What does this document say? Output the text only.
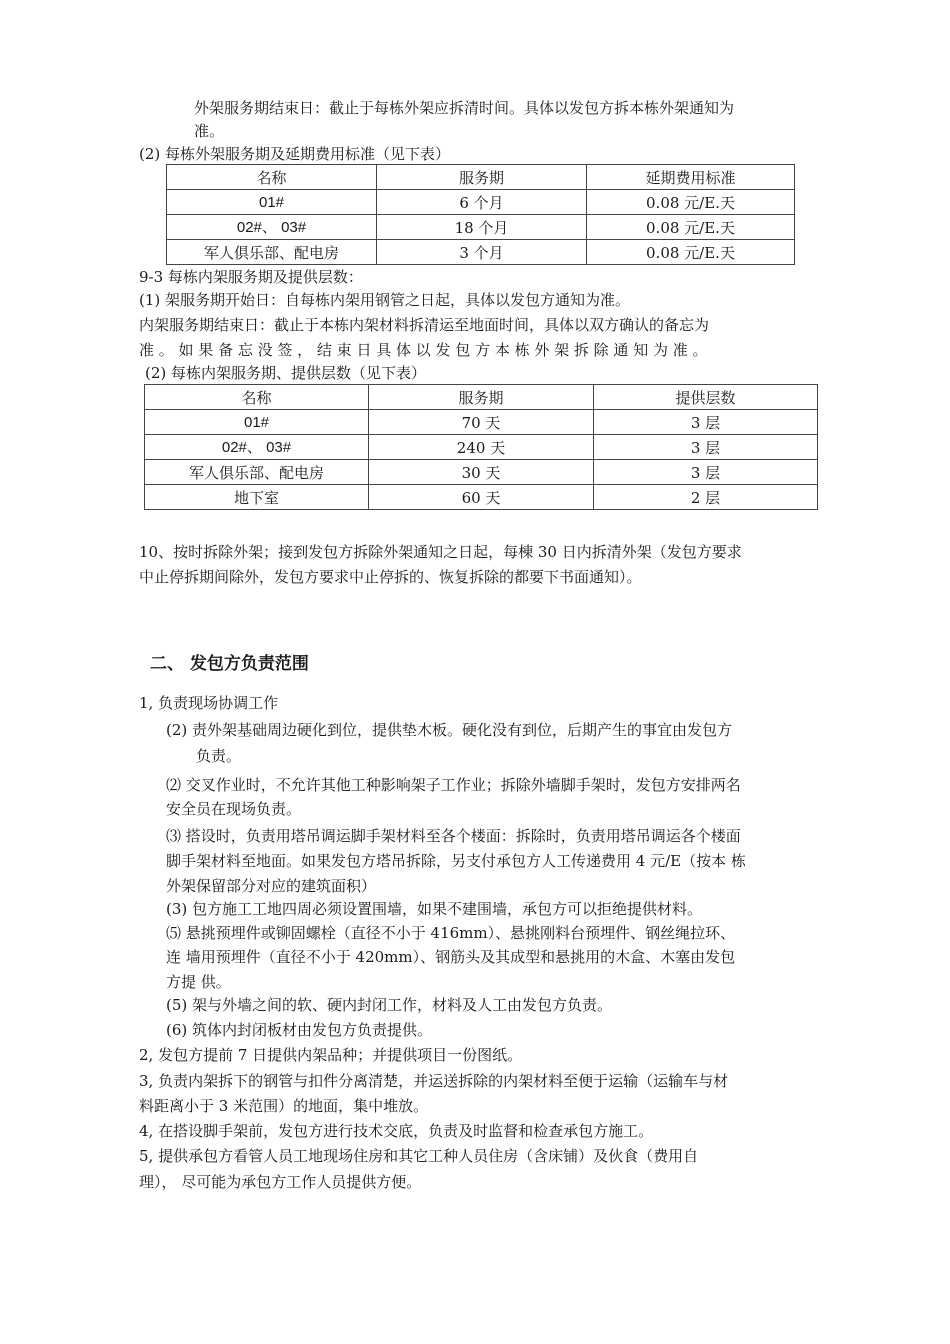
外架服务期结束日：截止于每栋外架应拆清时间。具体以发包方拆本栋外架通知为
准。
(2) 每栋外架服务期及延期费用标准（见下表）
名称	服务期	延期费用标准
01#	6 个月	0.08 元/E.天
02#、 03#	18 个月	0.08 元/E.天
军人俱乐部、配电房	3 个月	0.08 元/E.天
9-3 每栋内架服务期及提供层数：
(1) 架服务期开始日：自每栋内架用钢管之日起，具体以发包方通知为准。
内架服务期结束日：截止于本栋内架材料拆清运至地面时间，具体以双方确认的备忘为
准 。 如 果 备 忘 没 签 ， 结 束 日 具 体 以 发 包 方 本 栋 外 架 拆 除 通 知 为 准 。
(2) 每栋内架服务期、提供层数（见下表）
名称	服务期	提供层数
01#	70 天	3 层
02#、 03#	240 天	3 层
军人俱乐部、配电房	30 天	3 层
地下室	60 天	2 层
10、按时拆除外架；接到发包方拆除外架通知之日起，每棟 30 日内拆清外架（发包方要求
中止停拆期间除外，发包方要求中止停拆的、恢复拆除的都要下书面通知）。
二、 发包方负责范围
1, 负责现场协调工作
(2) 责外架基础周边硬化到位，提供垫木板。硬化没有到位，后期产生的事宜由发包方
负责。
⑵ 交叉作业时，不允许其他工种影响架子工作业；拆除外墙脚手架时，发包方安排两名
安全员在现场负责。
⑶ 搭设时，负责用塔吊调运脚手架材料至各个楼面：拆除时，负责用塔吊调运各个楼面
脚手架材料至地面。如果发包方塔吊拆除，另支付承包方人工传递费用 4 元/E（按本 栋
外架保留部分对应的建筑面积）
(3) 包方施工工地四周必须设置围墙，如果不建围墙，承包方可以拒绝提供材料。
⑸ 悬挑预埋件或铆固螺栓（直径不小于 416mm）、悬挑刚料台预埋件、钢丝绳拉环、
连 墙用预埋件（直径不小于 420mm）、钢筋头及其成型和悬挑用的木盒、木塞由发包
方提 供。
(5) 架与外墙之间的软、硬内封闭工作，材料及人工由发包方负责。
(6) 筑体内封闭板材由发包方负责提供。
2, 发包方提前 7 日提供内架品种；并提供项目一份图纸。
3, 负责内架拆下的钢管与扣件分离清楚，并运送拆除的内架材料至便于运输（运输车与材
料距离小于 3 米范围）的地面，集中堆放。
4, 在搭设脚手架前，发包方进行技术交底，负责及时监督和检查承包方施工。
5, 提供承包方看管人员工地现场住房和其它工种人员住房（含床铺）及伙食（费用自
理）， 尽可能为承包方工作人员提供方便。
